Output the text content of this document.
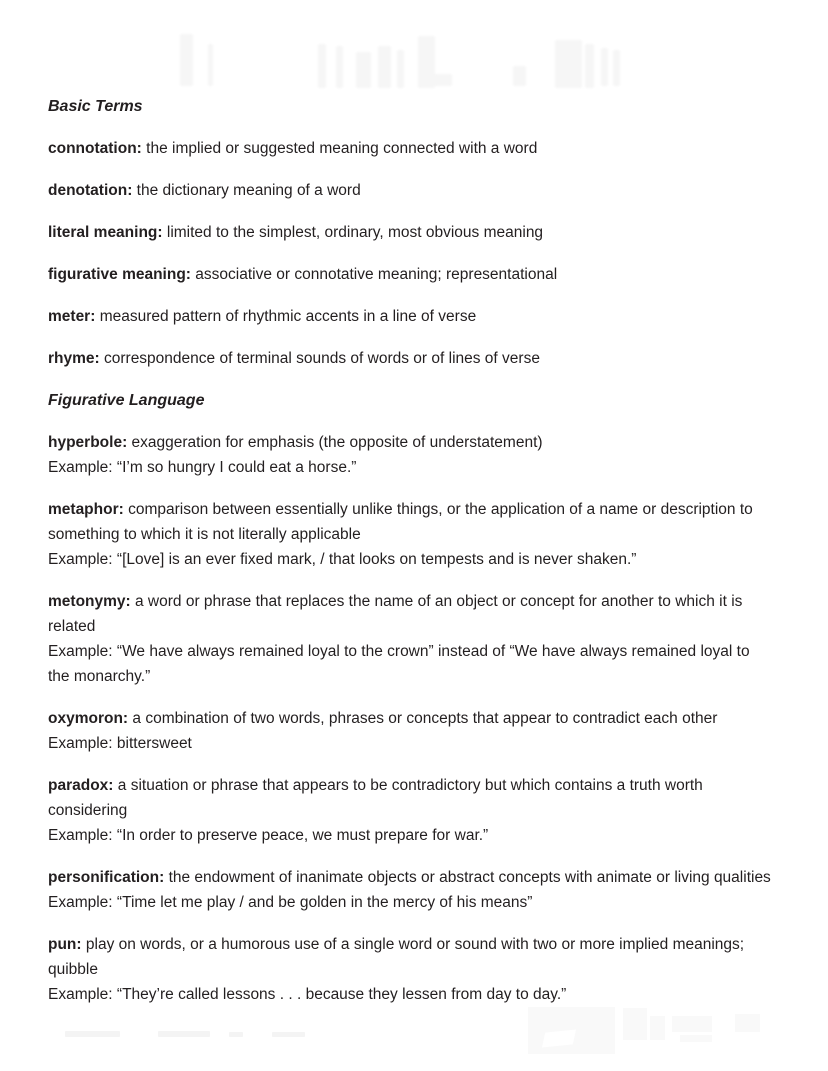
Basic Terms

connotation: the implied or suggested meaning connected with a word

denotation: the dictionary meaning of a word

literal meaning: limited to the simplest, ordinary, most obvious meaning

figurative meaning: associative or connotative meaning; representational

meter: measured pattern of rhythmic accents in a line of verse

rhyme: correspondence of terminal sounds of words or of lines of verse

Figurative Language

hyperbole: exaggeration for emphasis (the opposite of understatement)
Example: “I’m so hungry I could eat a horse.”

metaphor: comparison between essentially unlike things, or the application of a name or description to something to which it is not literally applicable
Example: “[Love] is an ever fixed mark, / that looks on tempests and is never shaken.”

metonymy: a word or phrase that replaces the name of an object or concept for another to which it is related
Example: “We have always remained loyal to the crown” instead of “We have always remained loyal to the monarchy.”

oxymoron: a combination of two words, phrases or concepts that appear to contradict each other
Example: bittersweet

paradox: a situation or phrase that appears to be contradictory but which contains a truth worth considering
Example: “In order to preserve peace, we must prepare for war.”

personification: the endowment of inanimate objects or abstract concepts with animate or living qualities
Example: “Time let me play / and be golden in the mercy of his means”

pun: play on words, or a humorous use of a single word or sound with two or more implied meanings; quibble
Example: “They’re called lessons . . . because they lessen from day to day.”
